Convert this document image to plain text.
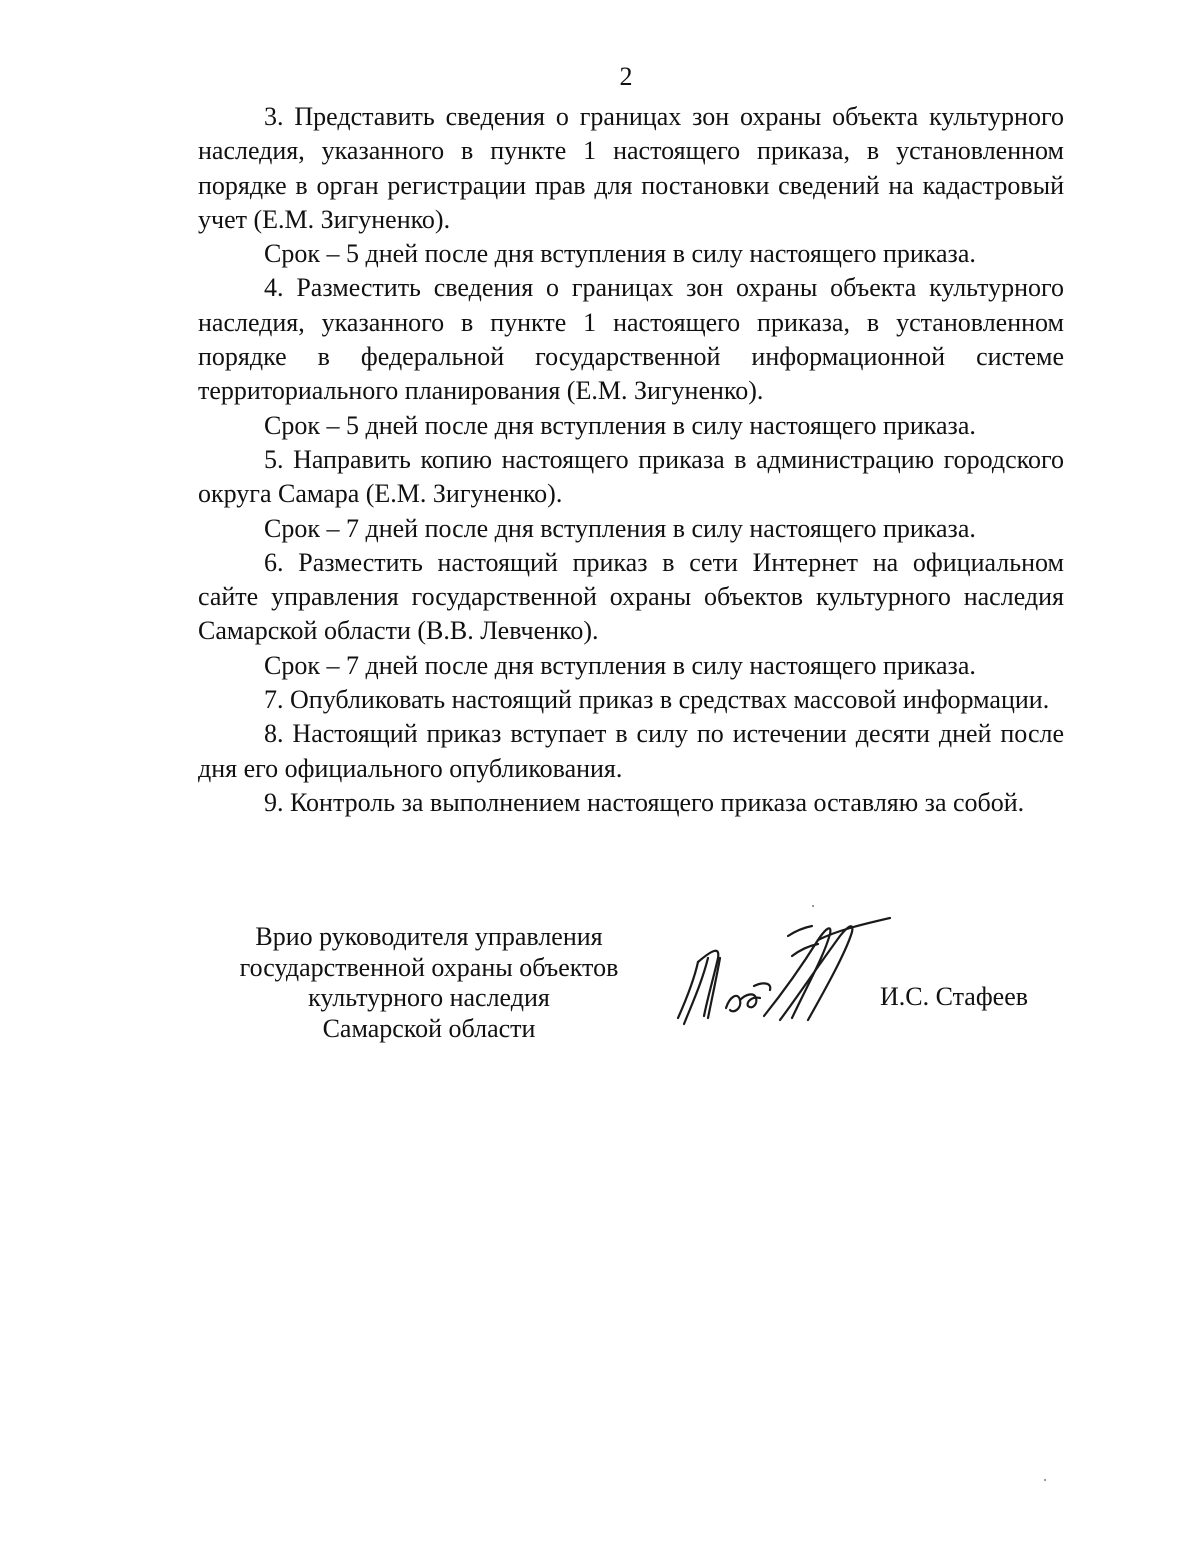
2

3. Представить сведения о границах зон охраны объекта культурного наследия, указанного в пункте 1 настоящего приказа, в установленном порядке в орган регистрации прав для постановки сведений на кадастровый учет (Е.М. Зигуненко).

Срок – 5 дней после дня вступления в силу настоящего приказа.

4. Разместить сведения о границах зон охраны объекта культурного наследия, указанного в пункте 1 настоящего приказа, в установленном порядке в федеральной государственной информационной системе территориального планирования (Е.М. Зигуненко).

Срок – 5 дней после дня вступления в силу настоящего приказа.

5. Направить копию настоящего приказа в администрацию городского округа Самара (Е.М. Зигуненко).

Срок – 7 дней после дня вступления в силу настоящего приказа.

6. Разместить настоящий приказ в сети Интернет на официальном сайте управления государственной охраны объектов культурного наследия Самарской области (В.В. Левченко).

Срок – 7 дней после дня вступления в силу настоящего приказа.

7. Опубликовать настоящий приказ в средствах массовой информации.

8. Настоящий приказ вступает в силу по истечении десяти дней после дня его официального опубликования.

9. Контроль за выполнением настоящего приказа оставляю за собой.

Врио руководителя управления
государственной охраны объектов
культурного наследия
Самарской области
И.С. Стафеев
